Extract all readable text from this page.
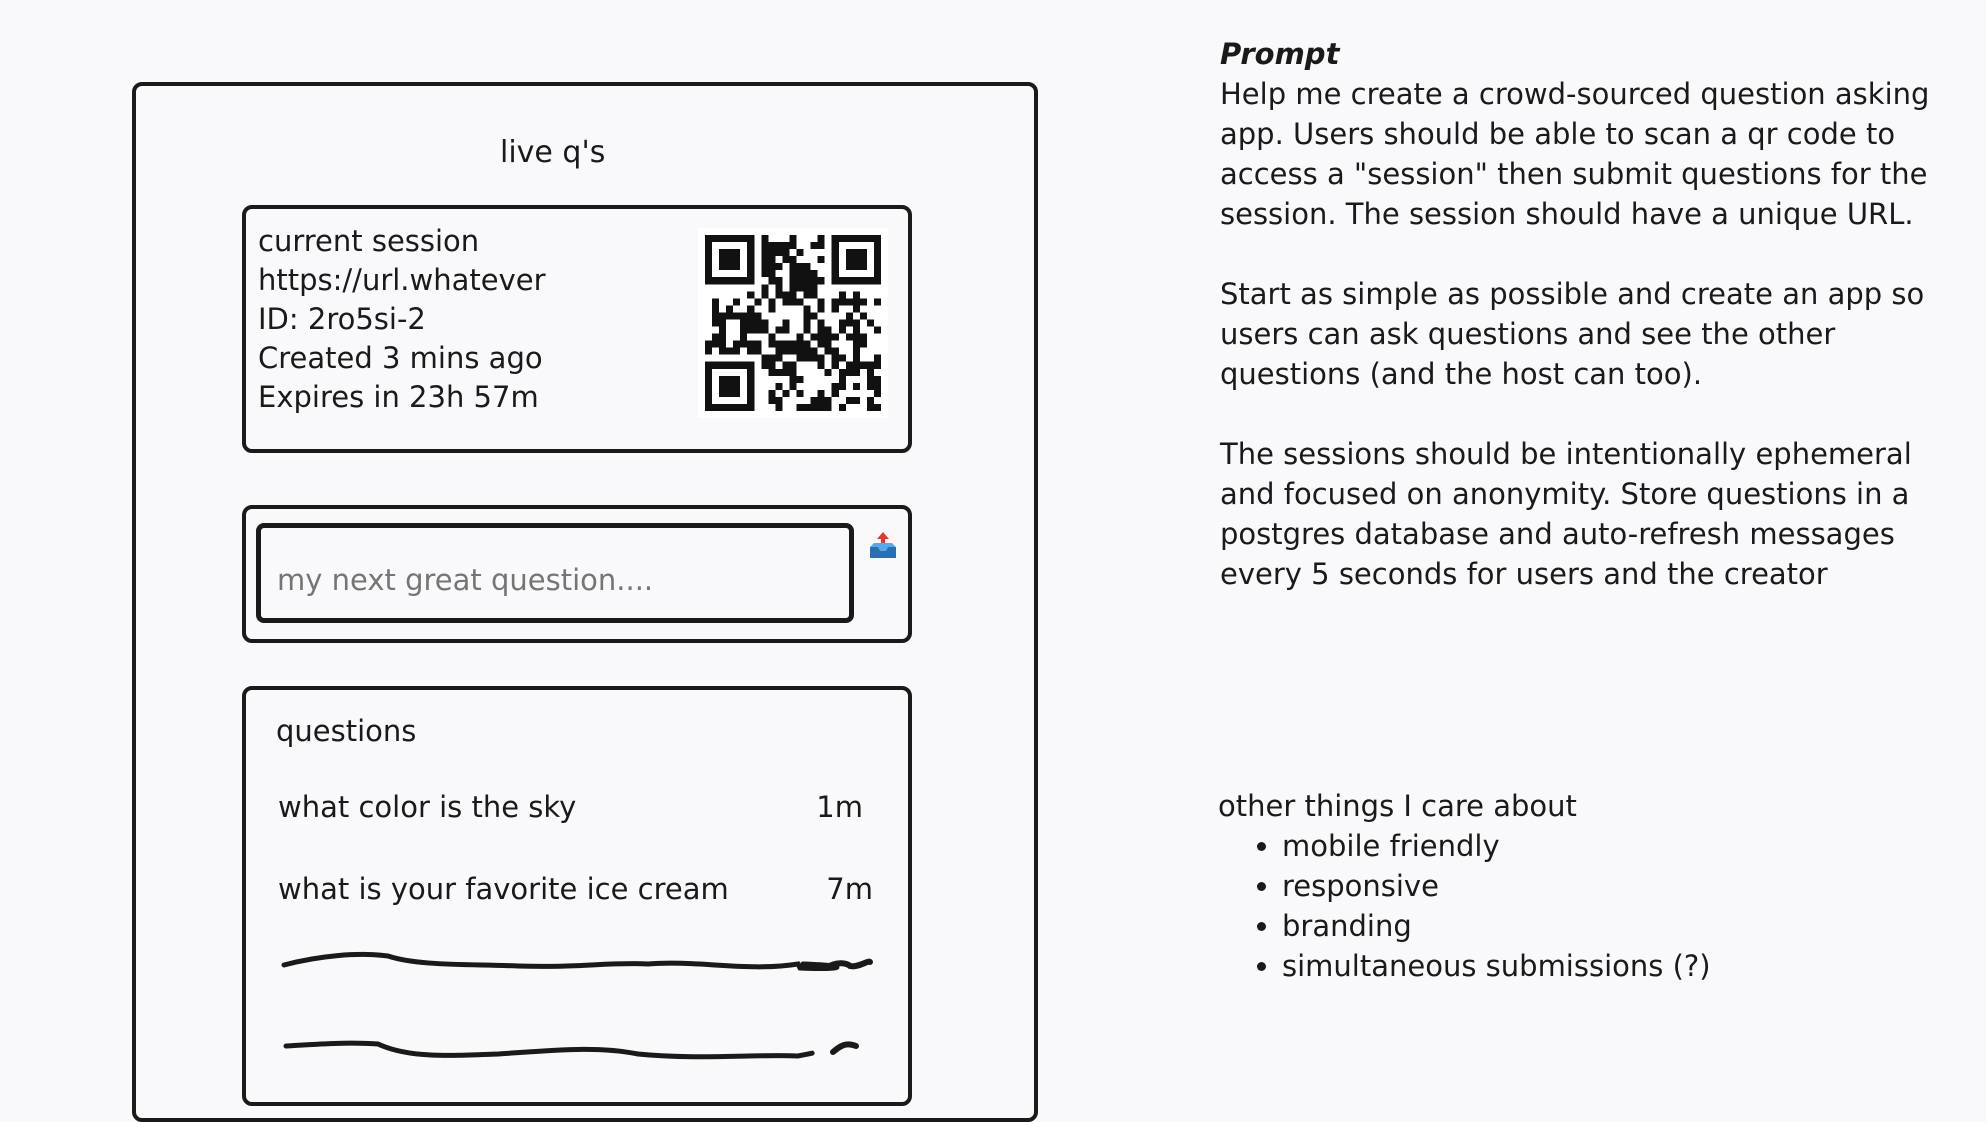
live q's
current session
https://url.whatever
ID: 2ro5si-2
Created 3 mins ago
Expires in 23h 57m
my next great question....
questions
what color is the sky	1m
what is your favorite ice cream	7m
Prompt

Help me create a crowd-sourced question asking app. Users should be able to scan a qr code to access a "session" then submit questions for the session. The session should have a unique URL.

Start as simple as possible and create an app so users can ask questions and see the other questions (and the host can too).

The sessions should be intentionally ephemeral and focused on anonymity. Store questions in a postgres database and auto-refresh messages every 5 seconds for users and the creator

other things I care about
• mobile friendly
• responsive
• branding
• simultaneous submissions (?)
